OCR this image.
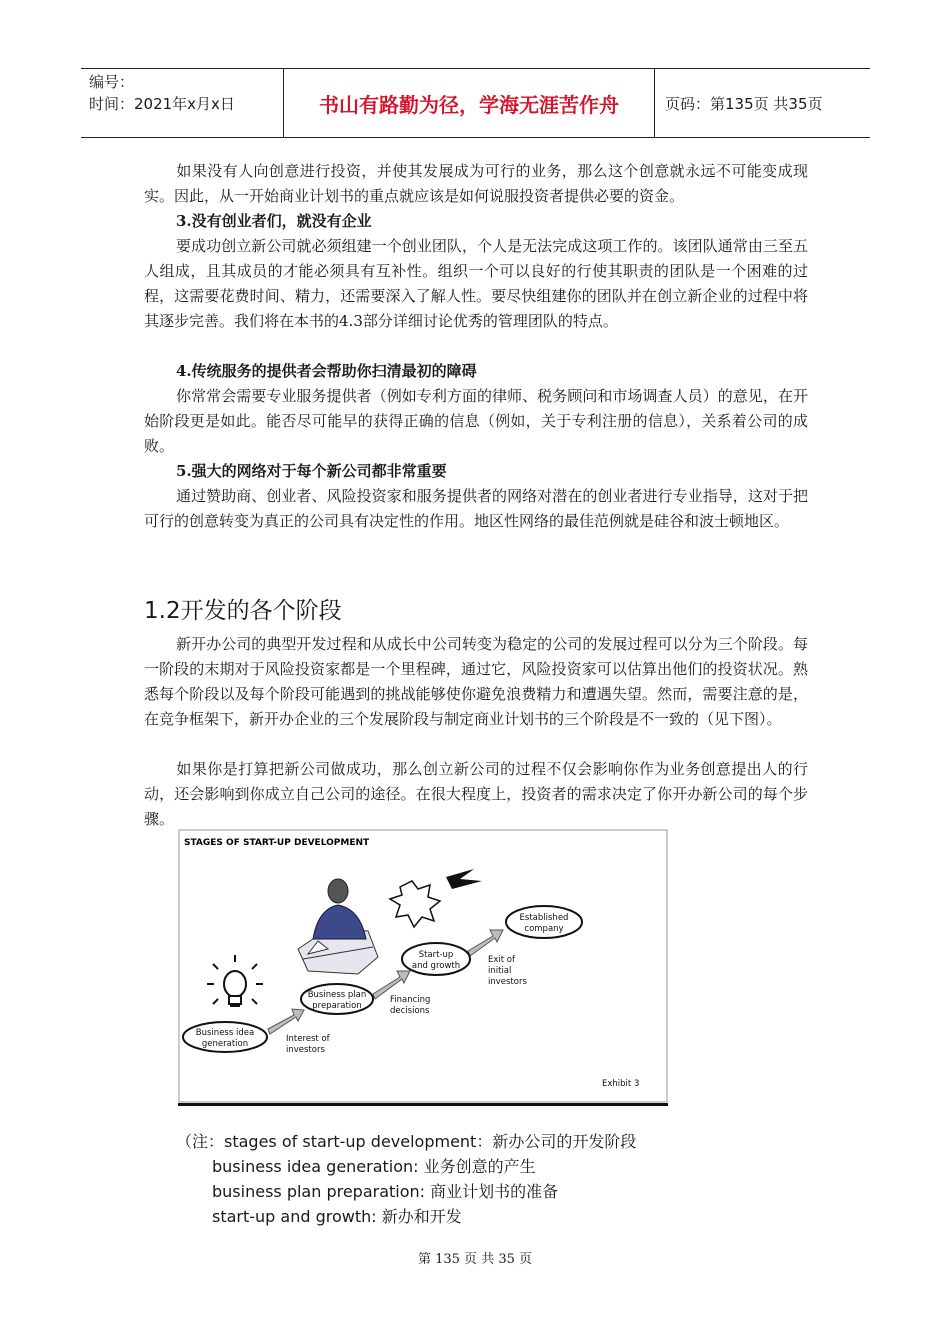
编号：
时间：2021年x月x日	书山有路勤为径，学海无涯苦作舟	页码：第135页 共35页

如果没有人向创意进行投资，并使其发展成为可行的业务，那么这个创意就永远不可能变成现实。因此，从一开始商业计划书的重点就应该是如何说服投资者提供必要的资金。

3.没有创业者们，就没有企业

要成功创立新公司就必须组建一个创业团队，个人是无法完成这项工作的。该团队通常由三至五人组成，且其成员的才能必须具有互补性。组织一个可以良好的行使其职责的团队是一个困难的过程，这需要花费时间、精力，还需要深入了解人性。要尽快组建你的团队并在创立新企业的过程中将其逐步完善。我们将在本书的4.3部分详细讨论优秀的管理团队的特点。

4.传统服务的提供者会帮助你扫清最初的障碍

你常常会需要专业服务提供者（例如专利方面的律师、税务顾问和市场调查人员）的意见，在开始阶段更是如此。能否尽可能早的获得正确的信息（例如，关于专利注册的信息），关系着公司的成败。

5.强大的网络对于每个新公司都非常重要

通过赞助商、创业者、风险投资家和服务提供者的网络对潜在的创业者进行专业指导，这对于把可行的创意转变为真正的公司具有决定性的作用。地区性网络的最佳范例就是硅谷和波士顿地区。

1.2开发的各个阶段

新开办公司的典型开发过程和从成长中公司转变为稳定的公司的发展过程可以分为三个阶段。每一阶段的末期对于风险投资家都是一个里程碑，通过它，风险投资家可以估算出他们的投资状况。熟悉每个阶段以及每个阶段可能遇到的挑战能够使你避免浪费精力和遭遇失望。然而，需要注意的是，在竞争框架下，新开办企业的三个发展阶段与制定商业计划书的三个阶段是不一致的（见下图）。

如果你是打算把新公司做成功，那么创立新公司的过程不仅会影响你作为业务创意提出人的行动，还会影响到你成立自己公司的途径。在很大程度上，投资者的需求决定了你开办新公司的每个步骤。

STAGES OF START-UP DEVELOPMENT
Business idea
generation
Business plan
preparation
Start-up
and growth
Established
company
Interest of
investors
Financing
decisions
Exit of
initial
investors
Exhibit 3

（注：stages of start-up development：新办公司的开发阶段

business idea generation: 业务创意的产生

business plan preparation: 商业计划书的准备

start-up and growth: 新办和开发

第 135 页 共 35 页
